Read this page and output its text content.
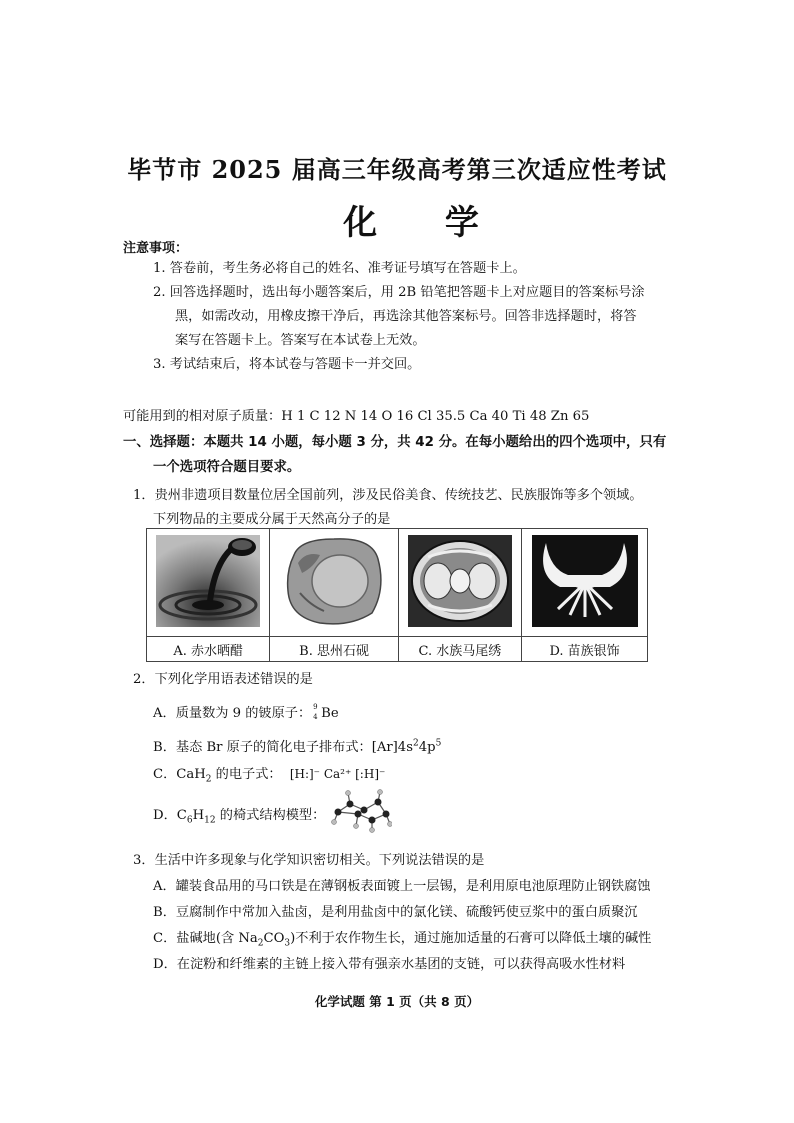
毕节市 2025 届高三年级高考第三次适应性考试
化 学
注意事项：
1. 答卷前，考生务必将自己的姓名、准考证号填写在答题卡上。
2. 回答选择题时，选出每小题答案后，用 2B 铅笔把答题卡上对应题目的答案标号涂
黑，如需改动，用橡皮擦干净后，再选涂其他答案标号。回答非选择题时，将答
案写在答题卡上。答案写在本试卷上无效。
3. 考试结束后，将本试卷与答题卡一并交回。
可能用到的相对原子质量：H 1 C 12 N 14 O 16 Cl 35.5 Ca 40 Ti 48 Zn 65
一、选择题：本题共 14 小题，每小题 3 分，共 42 分。在每小题给出的四个选项中，只有
一个选项符合题目要求。
1．贵州非遗项目数量位居全国前列，涉及民俗美食、传统技艺、民族服饰等多个领域。
下列物品的主要成分属于天然高分子的是

A. 赤水晒醋	B. 思州石砚	C. 水族马尾绣	D. 苗族银饰
2．下列化学用语表述错误的是
A．质量数为 9 的铍原子： 9
4 Be
B．基态 Br 原子的简化电子排布式：$[Ar]4s^24p^5$
C．CaH$_2$ 的电子式： [H:]⁻ Ca²⁺ [:H]⁻
D．$C_6H_{12}$ 的椅式结构模型：
3．生活中许多现象与化学知识密切相关。下列说法错误的是
A．罐装食品用的马口铁是在薄钢板表面镀上一层锡，是利用原电池原理防止钢铁腐蚀
B．豆腐制作中常加入盐卤，是利用盐卤中的氯化镁、硫酸钙使豆浆中的蛋白质聚沉
C．盐碱地(含 $Na_2CO_3$)不利于农作物生长，通过施加适量的石膏可以降低土壤的碱性
D．在淀粉和纤维素的主链上接入带有强亲水基团的支链，可以获得高吸水性材料
化学试题 第 1 页（共 8 页）
